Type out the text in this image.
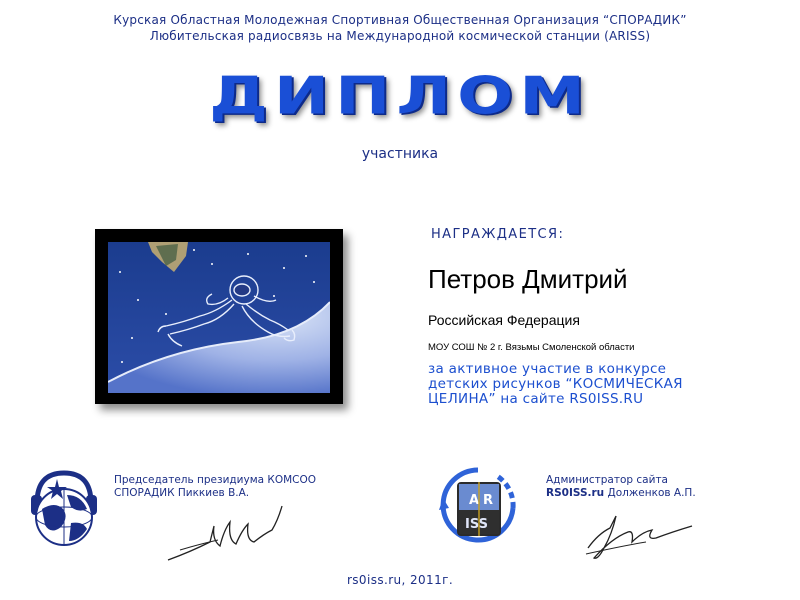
Курская Областная Молодежная Спортивная Общественная Организация “СПОРАДИК”
Любительская радиосвязь на Международной космической станции (ARISS)
ДИПЛОМ
участника
НАГРАЖДАЕТСЯ:
Петров Дмитрий
Российская Федерация
МОУ СОШ № 2 г. Вязьмы Смоленской области
за активное участие в конкурсе
детских рисунков “КОСМИЧЕСКАЯ
ЦЕЛИНА” на сайте RS0ISS.RU
Председатель президиума КОМСОО
СПОРАДИК Пиккиев В.А.	A R
ISS
Администратор сайта
RS0ISS.ru Долженков А.П.
rs0iss.ru, 2011г.
